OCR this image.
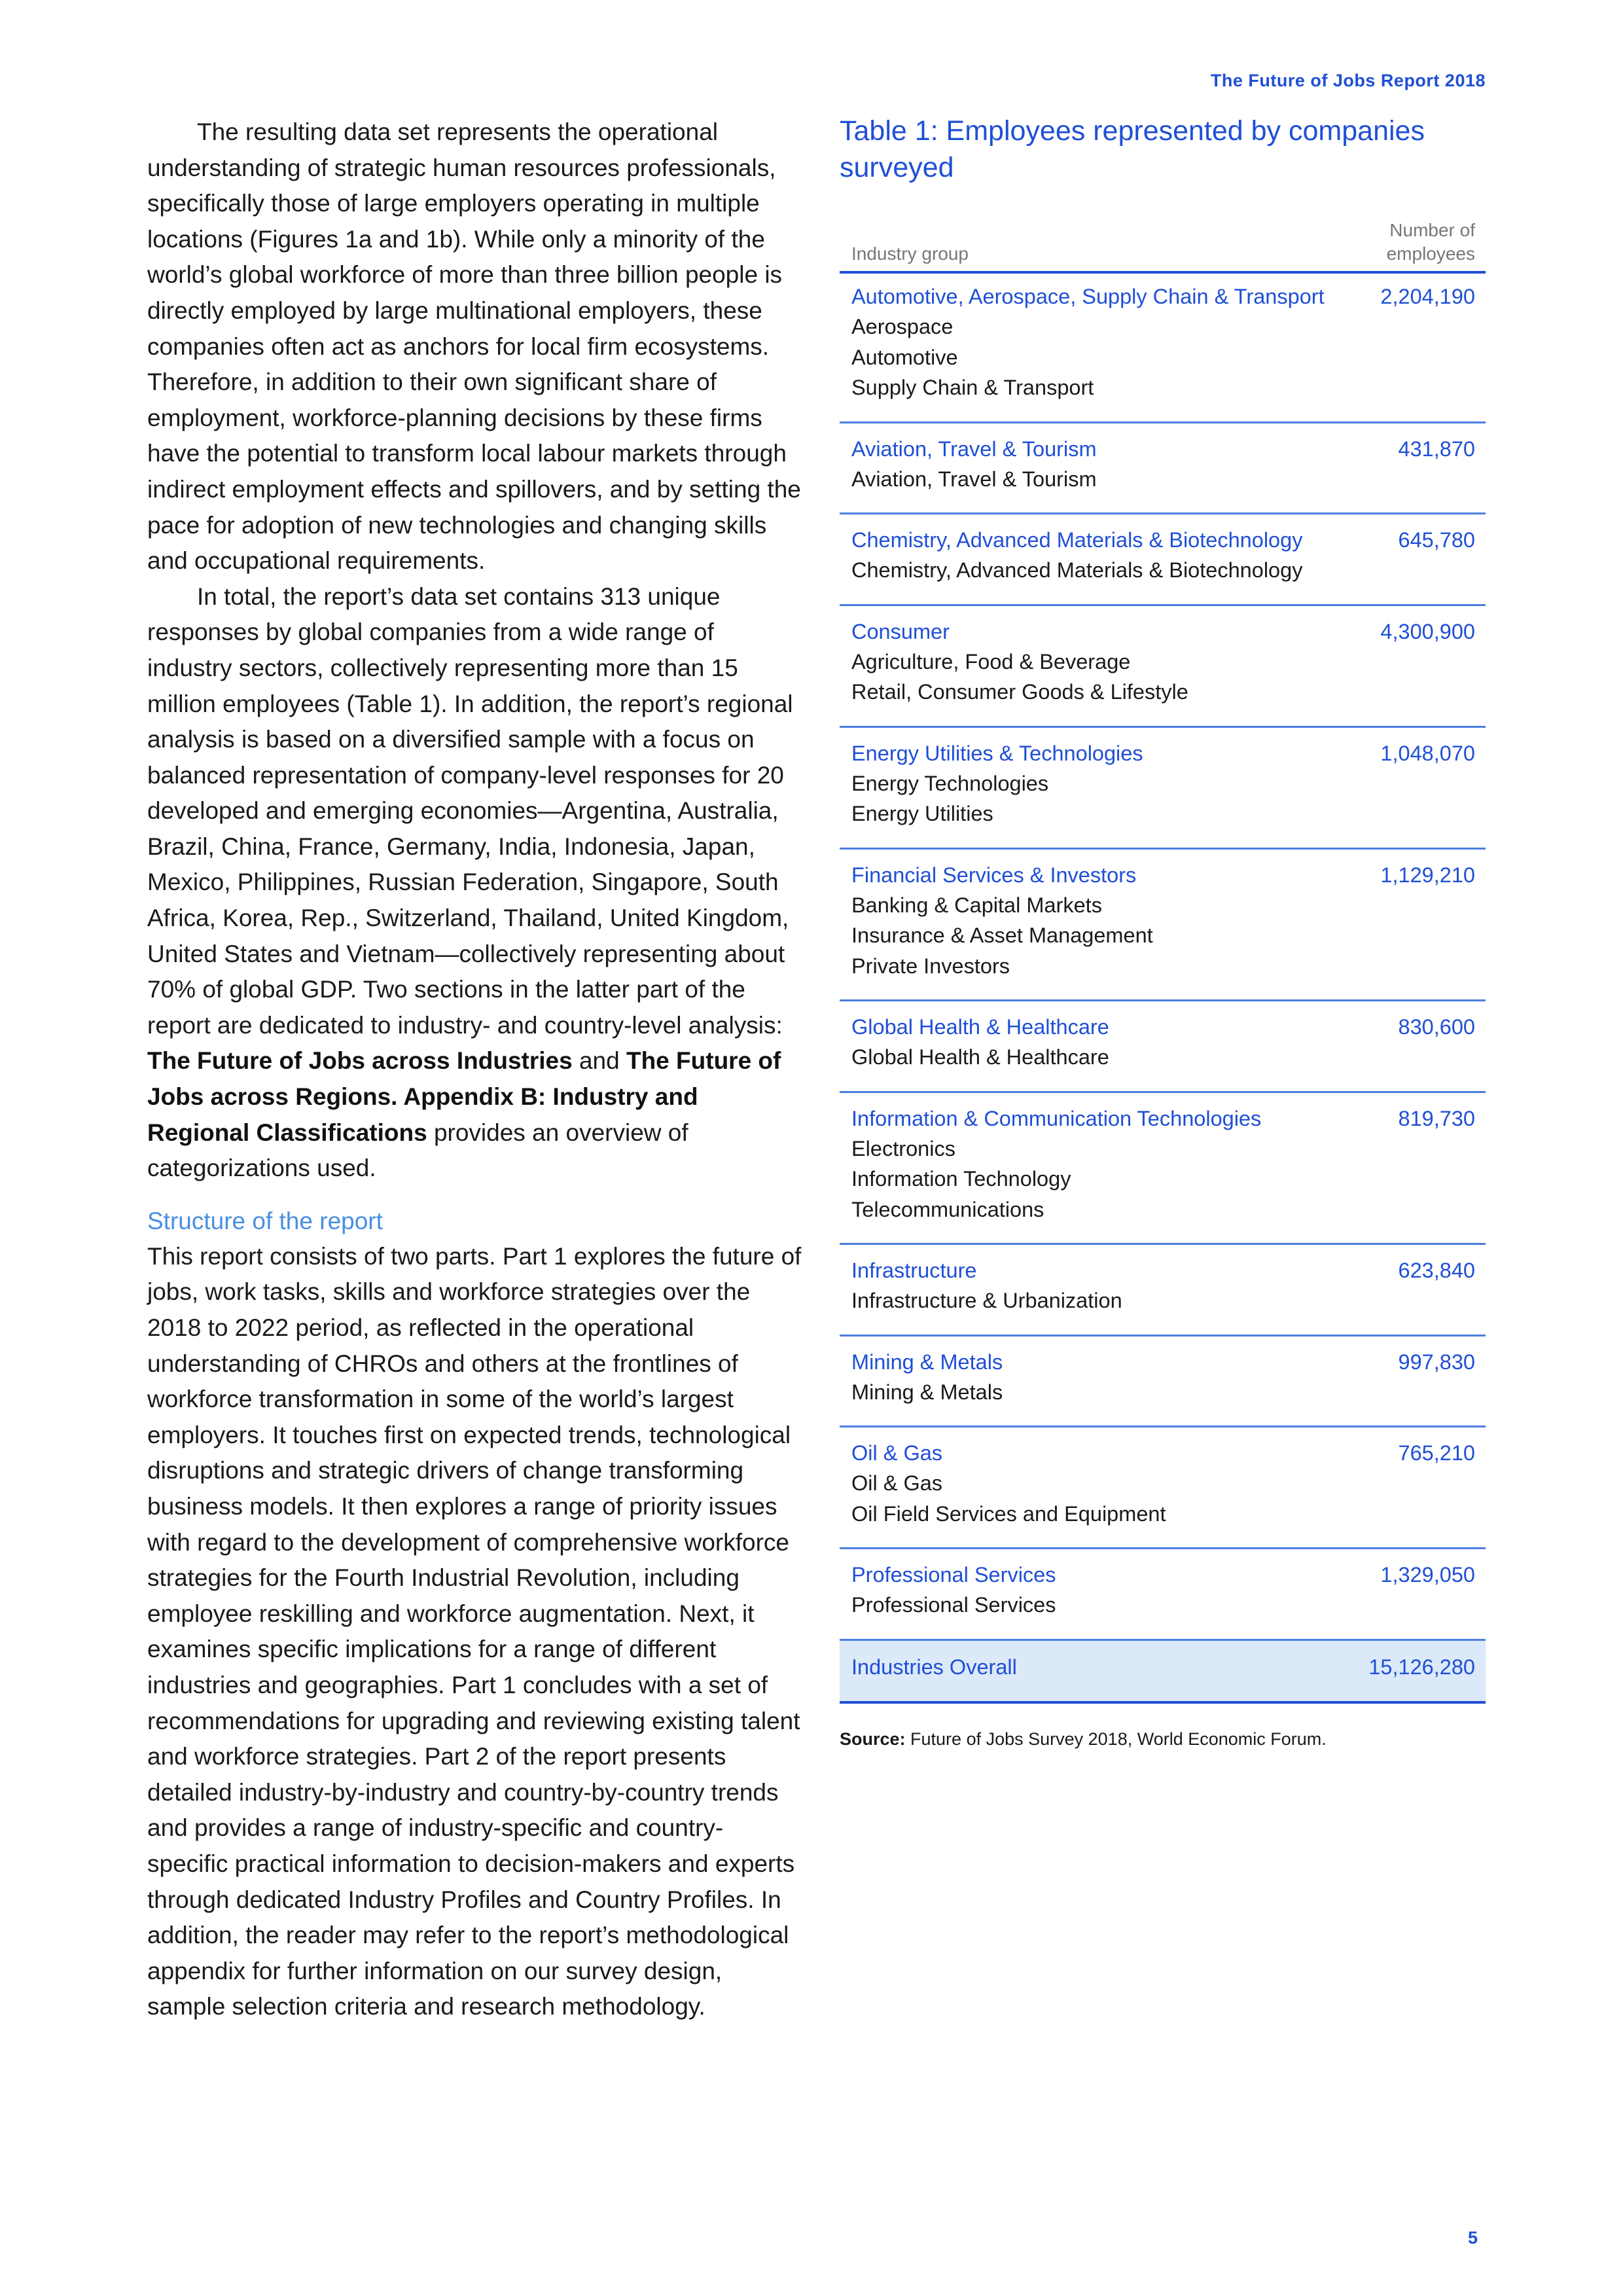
The Future of Jobs Report 2018

The resulting data set represents the operational understanding of strategic human resources professionals, specifically those of large employers operating in multiple locations (Figures 1a and 1b). While only a minority of the world’s global workforce of more than three billion people is directly employed by large multinational employers, these companies often act as anchors for local firm ecosystems. Therefore, in addition to their own significant share of employment, workforce-planning decisions by these firms have the potential to transform local labour markets through indirect employment effects and spillovers, and by setting the pace for adoption of new technologies and changing skills and occupational requirements.

In total, the report’s data set contains 313 unique responses by global companies from a wide range of industry sectors, collectively representing more than 15 million employees (Table 1). In addition, the report’s regional analysis is based on a diversified sample with a focus on balanced representation of company-level responses for 20 developed and emerging economies—Argentina, Australia, Brazil, China, France, Germany, India, Indonesia, Japan, Mexico, Philippines, Russian Federation, Singapore, South Africa, Korea, Rep., Switzerland, Thailand, United Kingdom, United States and Vietnam—collectively representing about 70% of global GDP. Two sections in the latter part of the report are dedicated to industry- and country-level analysis: The Future of Jobs across Industries and The Future of Jobs across Regions. Appendix B: Industry and Regional Classifications provides an overview of categorizations used.

Structure of the report

This report consists of two parts. Part 1 explores the future of jobs, work tasks, skills and workforce strategies over the 2018 to 2022 period, as reflected in the operational understanding of CHROs and others at the frontlines of workforce transformation in some of the world’s largest employers. It touches first on expected trends, technological disruptions and strategic drivers of change transforming business models. It then explores a range of priority issues with regard to the development of comprehensive workforce strategies for the Fourth Industrial Revolution, including employee reskilling and workforce augmentation. Next, it examines specific implications for a range of different industries and geographies. Part 1 concludes with a set of recommendations for upgrading and reviewing existing talent and workforce strategies. Part 2 of the report presents detailed industry-by-industry and country-by-country trends and provides a range of industry-specific and country-specific practical information to decision-makers and experts through dedicated Industry Profiles and Country Profiles. In addition, the reader may refer to the report’s methodological appendix for further information on our survey design, sample selection criteria and research methodology.

Table 1: Employees represented by companies surveyed
Industry group
Number of
employees
Automotive, Aerospace, Supply Chain & Transport	2,204,190
Aerospace
Automotive
Supply Chain & Transport
Aviation, Travel & Tourism	431,870
Aviation, Travel & Tourism
Chemistry, Advanced Materials & Biotechnology	645,780
Chemistry, Advanced Materials & Biotechnology
Consumer	4,300,900
Agriculture, Food & Beverage
Retail, Consumer Goods & Lifestyle
Energy Utilities & Technologies	1,048,070
Energy Technologies
Energy Utilities
Financial Services & Investors	1,129,210
Banking & Capital Markets
Insurance & Asset Management
Private Investors
Global Health & Healthcare	830,600
Global Health & Healthcare
Information & Communication Technologies	819,730
Electronics
Information Technology
Telecommunications
Infrastructure	623,840
Infrastructure & Urbanization
Mining & Metals	997,830
Mining & Metals
Oil & Gas	765,210
Oil & Gas
Oil Field Services and Equipment
Professional Services	1,329,050
Professional Services
Industries Overall	15,126,280
Source: Future of Jobs Survey 2018, World Economic Forum.
5
